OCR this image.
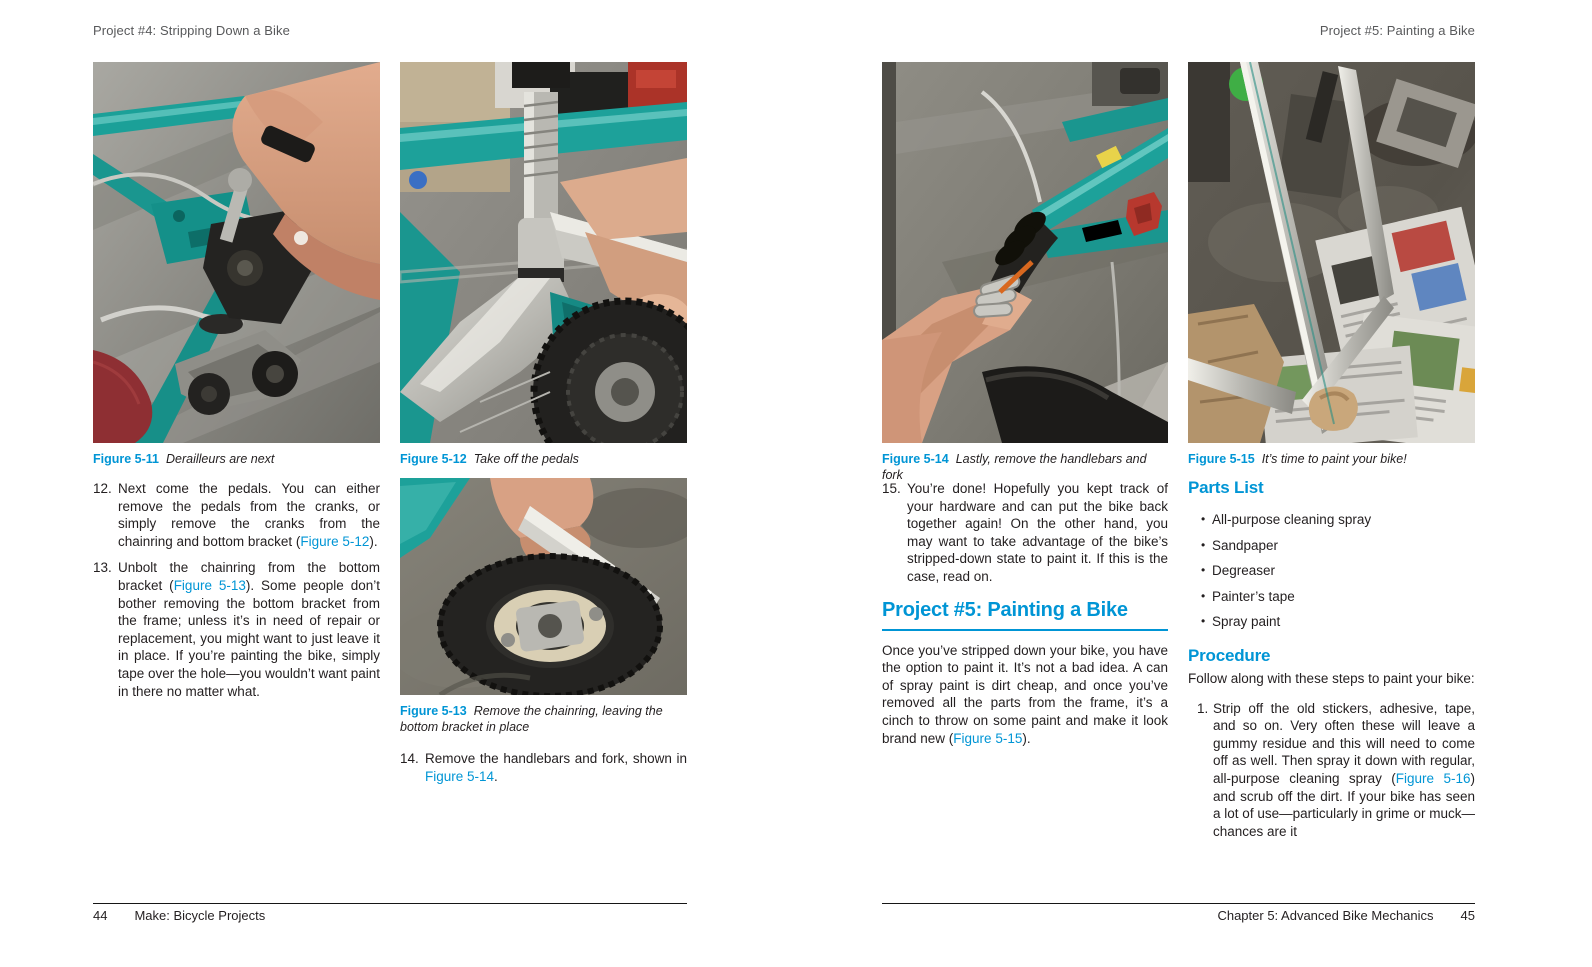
Project #4: Stripping Down a Bike	Project #5: Painting a Bike
Figure 5-11 Derailleurs are next	Figure 5-12 Take off the pedals
Figure 5-13 Remove the chainring, leaving the bottom bracket in place
Figure 5-14 Lastly, remove the handlebars and fork
Figure 5-15 It’s time to paint your bike!
12. Next come the pedals. You can either remove the pedals from the cranks, or simply remove the cranks from the chainring and bottom bracket (Figure 5-12).
13. Unbolt the chainring from the bottom bracket (Figure 5-13). Some people don’t bother removing the bottom bracket from the frame; unless it’s in need of repair or replacement, you might want to just leave it in place. If you’re painting the bike, simply tape over the hole—you wouldn’t want paint in there no matter what.
14. Remove the handlebars and fork, shown in Figure 5-14.
15. You’re done! Hopefully you kept track of your hardware and can put the bike back together again! On the other hand, you may want to take advantage of the bike’s stripped-down state to paint it. If this is the case, read on.
Project #5: Painting a Bike
Once you’ve stripped down your bike, you have the option to paint it. It’s not a bad idea. A can of spray paint is dirt cheap, and once you’ve removed all the parts from the frame, it’s a cinch to throw on some paint and make it look brand new (Figure 5-15).
Parts List
• All-purpose cleaning spray
• Sandpaper
• Degreaser
• Painter’s tape
• Spray paint
Procedure
Follow along with these steps to paint your bike:
1. Strip off the old stickers, adhesive, tape, and so on. Very often these will leave a gummy residue and this will need to come off as well. Then spray it down with regular, all-purpose cleaning spray (Figure 5-16) and scrub off the dirt. If your bike has seen a lot of use—particularly in grime or muck—chances are it
44 Make: Bicycle Projects	Chapter 5: Advanced Bike Mechanics 45
